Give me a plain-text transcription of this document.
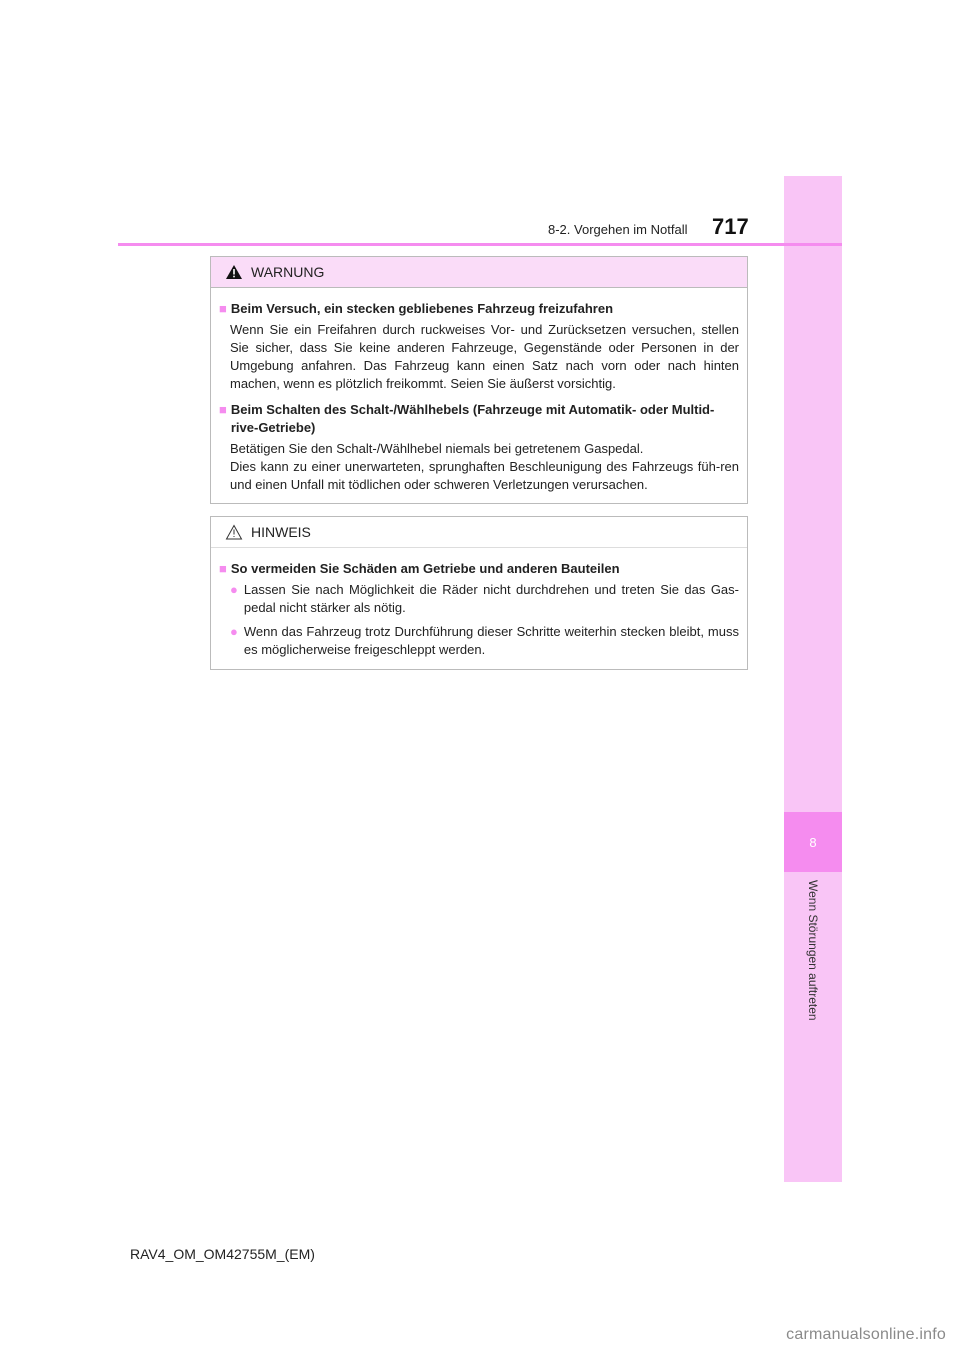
8
Wenn Störungen auftreten
8-2. Vorgehen im Notfall 717
WARNUNG
■ Beim Versuch, ein stecken gebliebenes Fahrzeug freizufahren
Wenn Sie ein Freifahren durch ruckweises Vor- und Zurücksetzen versuchen, stellen Sie sicher, dass Sie keine anderen Fahrzeuge, Gegenstände oder Personen in der Umgebung anfahren. Das Fahrzeug kann einen Satz nach vorn oder nach hinten machen, wenn es plötzlich freikommt. Seien Sie äußerst vorsichtig.
■ Beim Schalten des Schalt-/Wählhebels (Fahrzeuge mit Automatik- oder Multid-rive-Getriebe)
Betätigen Sie den Schalt-/Wählhebel niemals bei getretenem Gaspedal.
Dies kann zu einer unerwarteten, sprunghaften Beschleunigung des Fahrzeugs füh-ren und einen Unfall mit tödlichen oder schweren Verletzungen verursachen.
HINWEIS
■ So vermeiden Sie Schäden am Getriebe und anderen Bauteilen
● Lassen Sie nach Möglichkeit die Räder nicht durchdrehen und treten Sie das Gas-pedal nicht stärker als nötig.
● Wenn das Fahrzeug trotz Durchführung dieser Schritte weiterhin stecken bleibt, muss es möglicherweise freigeschleppt werden.
RAV4_OM_OM42755M_(EM)
carmanualsonline.info
